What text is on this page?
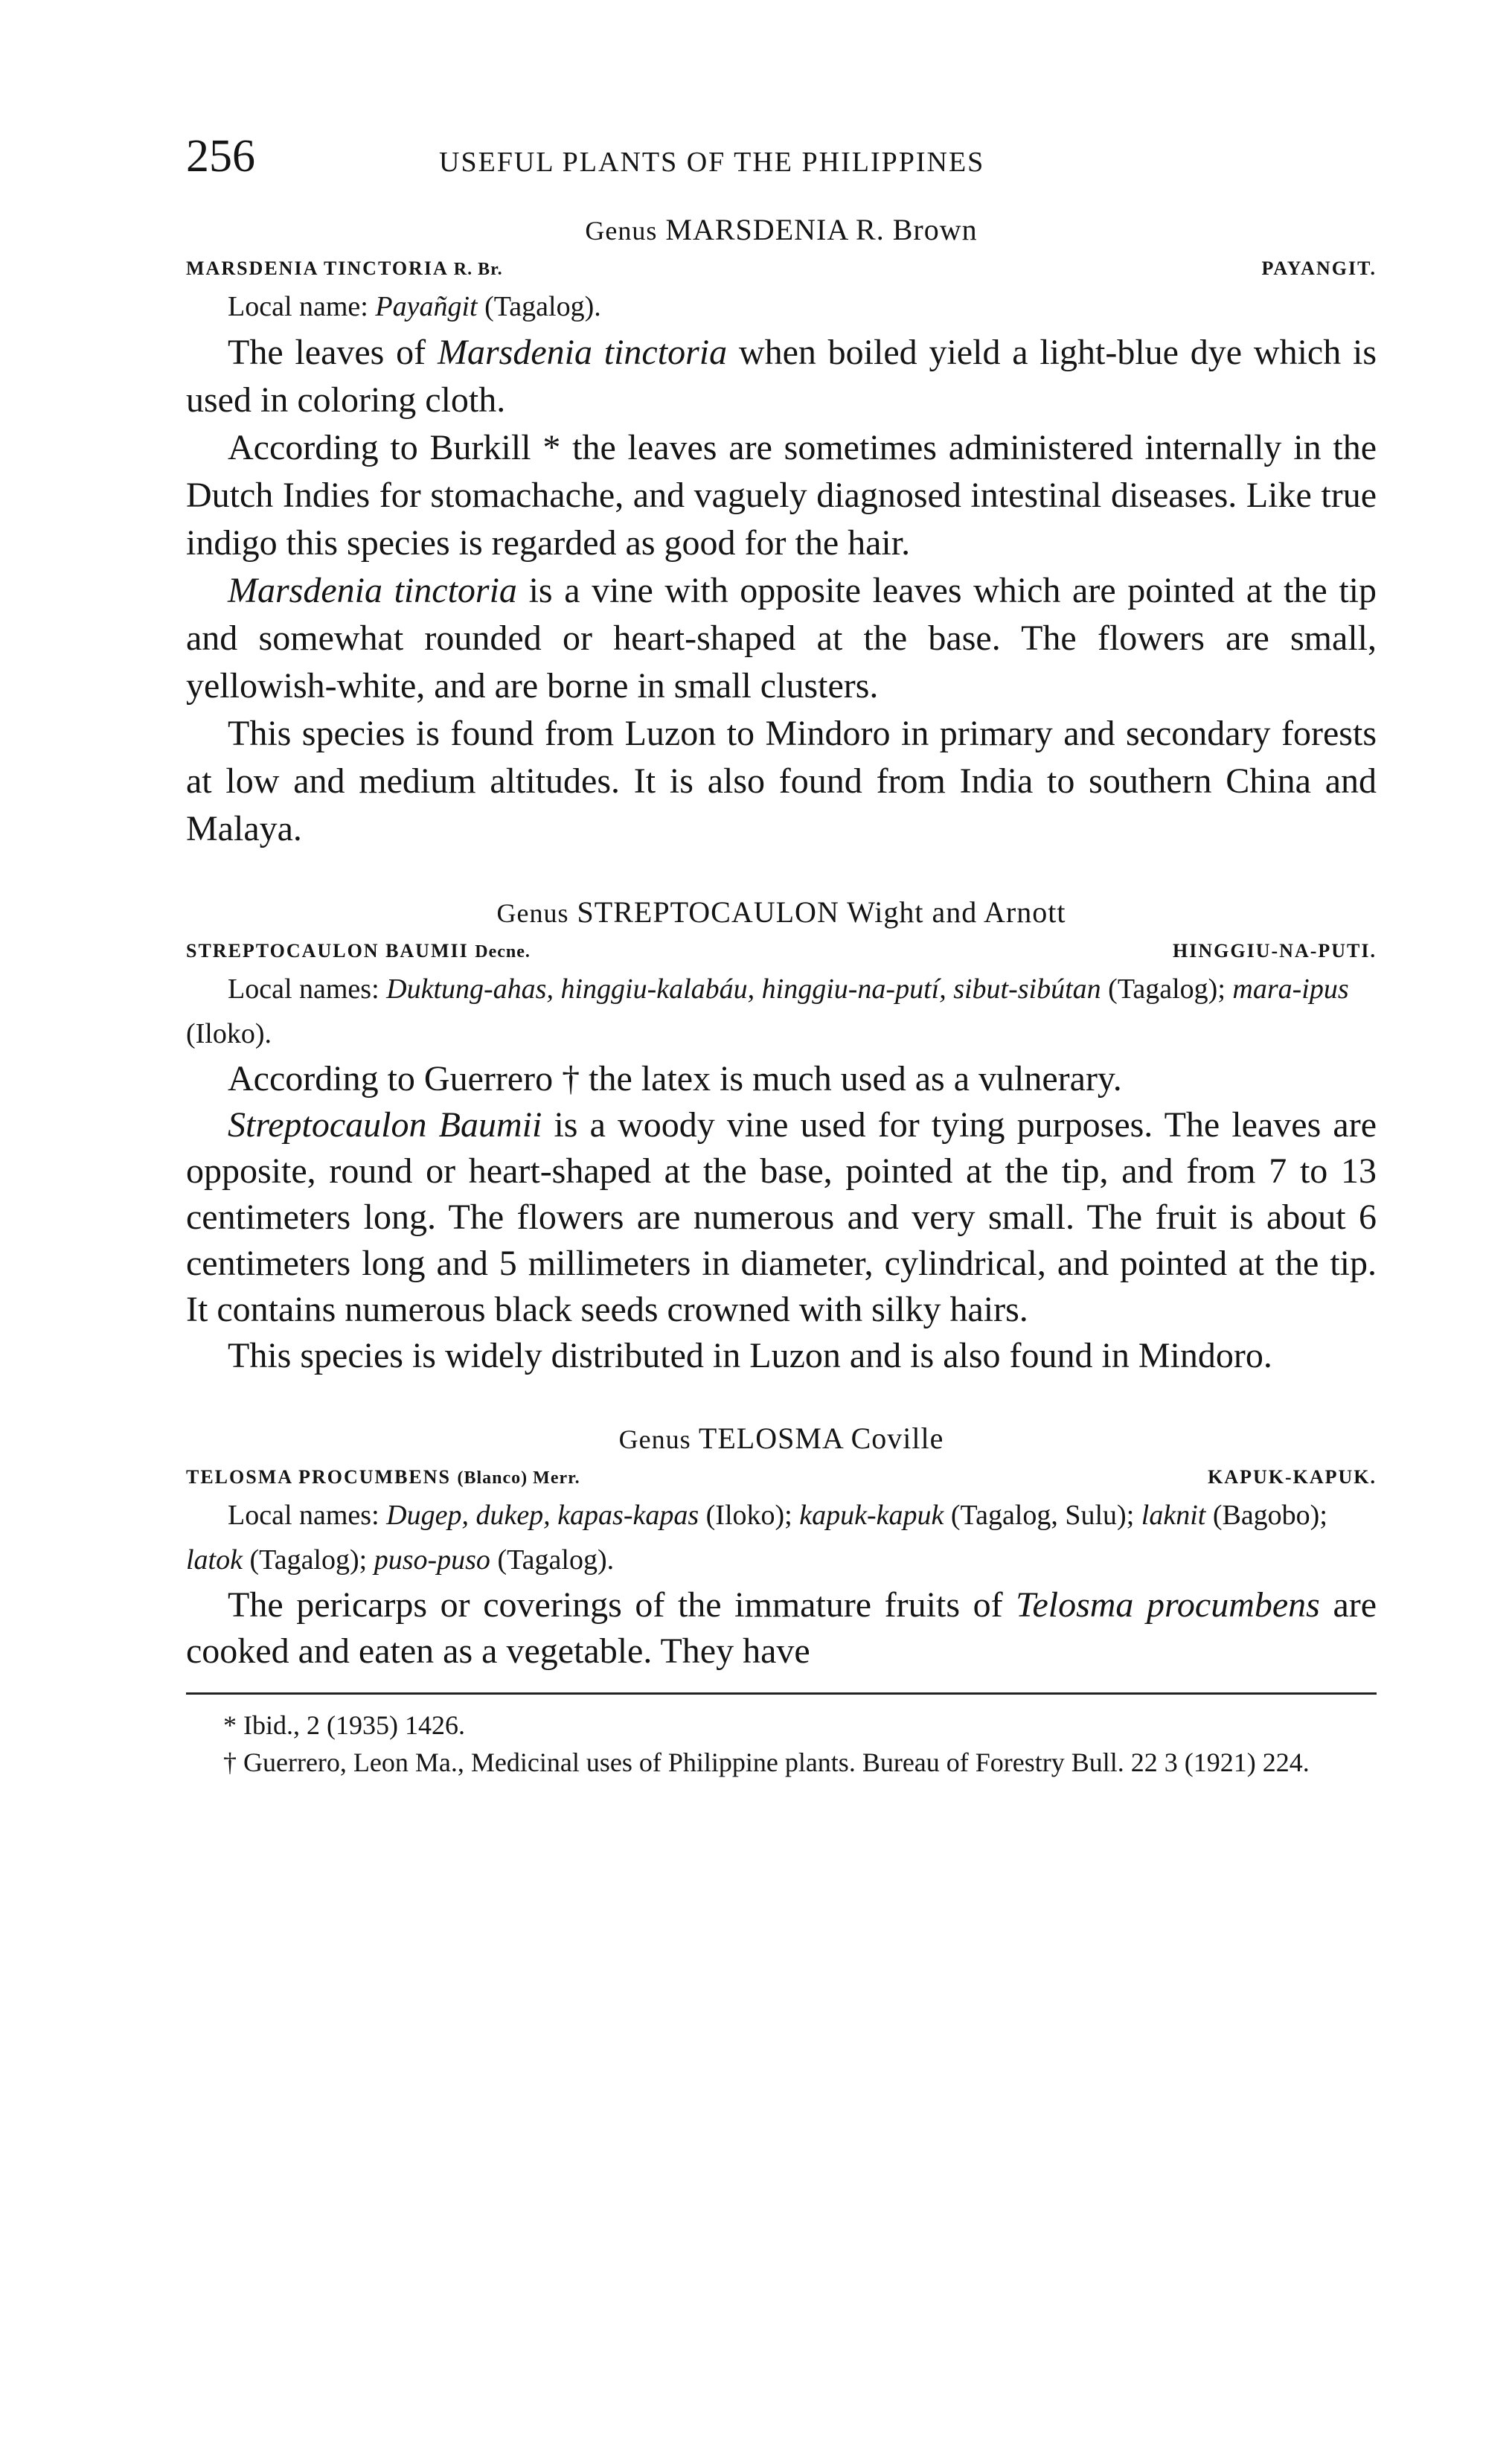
256	USEFUL PLANTS OF THE PHILIPPINES
Genus MARSDENIA R. Brown
MARSDENIA TINCTORIA R. Br.	PAYANGIT.

Local name: Payañgit (Tagalog).

The leaves of Marsdenia tinctoria when boiled yield a light-blue dye which is used in coloring cloth.

According to Burkill * the leaves are sometimes administered internally in the Dutch Indies for stomachache, and vaguely diagnosed intestinal diseases. Like true indigo this species is regarded as good for the hair.

Marsdenia tinctoria is a vine with opposite leaves which are pointed at the tip and somewhat rounded or heart-shaped at the base. The flowers are small, yellowish-white, and are borne in small clusters.

This species is found from Luzon to Mindoro in primary and secondary forests at low and medium altitudes. It is also found from India to southern China and Malaya.

Genus STREPTOCAULON Wight and Arnott
STREPTOCAULON BAUMII Decne.	HINGGIU-NA-PUTI.

Local names: Duktung-ahas, hinggiu-kalabáu, hinggiu-na-putí, sibut-sibútan (Tagalog); mara-ipus (Iloko).

According to Guerrero † the latex is much used as a vulnerary.

Streptocaulon Baumii is a woody vine used for tying purposes. The leaves are opposite, round or heart-shaped at the base, pointed at the tip, and from 7 to 13 centimeters long. The flowers are numerous and very small. The fruit is about 6 centimeters long and 5 millimeters in diameter, cylindrical, and pointed at the tip. It contains numerous black seeds crowned with silky hairs.

This species is widely distributed in Luzon and is also found in Mindoro.

Genus TELOSMA Coville
TELOSMA PROCUMBENS (Blanco) Merr.	KAPUK-KAPUK.

Local names: Dugep, dukep, kapas-kapas (Iloko); kapuk-kapuk (Tagalog, Sulu); laknit (Bagobo); latok (Tagalog); puso-puso (Tagalog).

The pericarps or coverings of the immature fruits of Telosma procumbens are cooked and eaten as a vegetable. They have

* Ibid., 2 (1935) 1426.

† Guerrero, Leon Ma., Medicinal uses of Philippine plants. Bureau of Forestry Bull. 22 3 (1921) 224.
